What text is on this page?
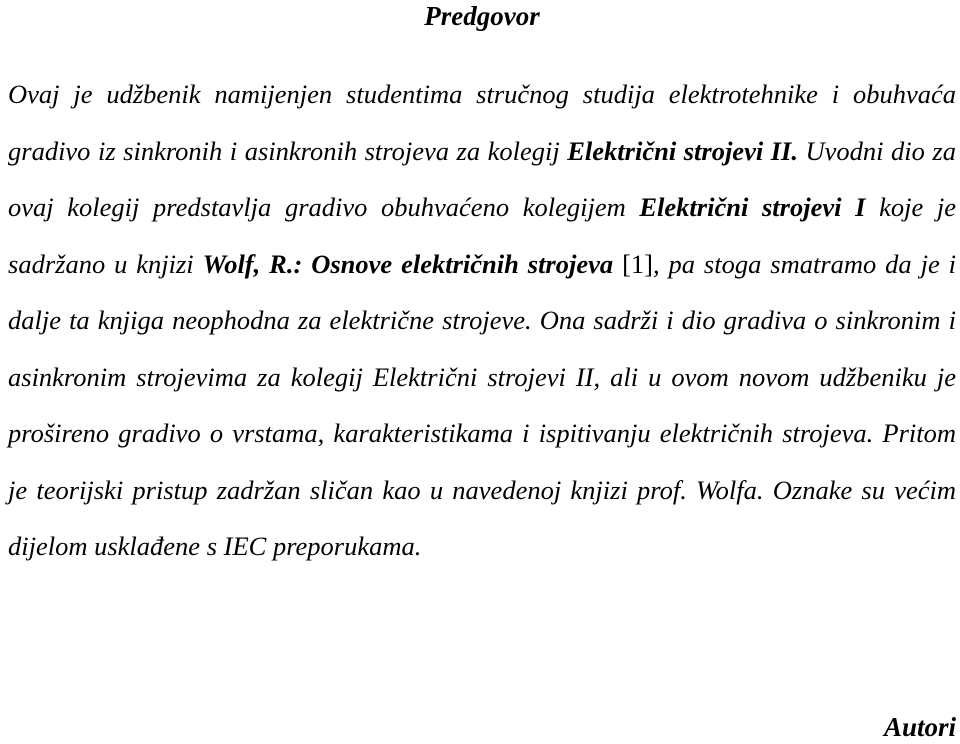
Predgovor

Ovaj je udžbenik namijenjen studentima stručnog studija elektrotehnike i obuhvaća gradivo iz sinkronih i asinkronih strojeva za kolegij Električni strojevi II. Uvodni dio za ovaj kolegij predstavlja gradivo obuhvaćeno kolegijem Električni strojevi I koje je sadržano u knjizi Wolf, R.: Osnove električnih strojeva [1], pa stoga smatramo da je i dalje ta knjiga neophodna za električne strojeve. Ona sadrži i dio gradiva o sinkronim i asinkronim strojevima za kolegij Električni strojevi II, ali u ovom novom udžbeniku je prošireno gradivo o vrstama, karakteristikama i ispitivanju električnih strojeva. Pritom je teorijski pristup zadržan sličan kao u navedenoj knjizi prof. Wolfa. Oznake su većim dijelom usklađene s IEC preporukama.

Autori
